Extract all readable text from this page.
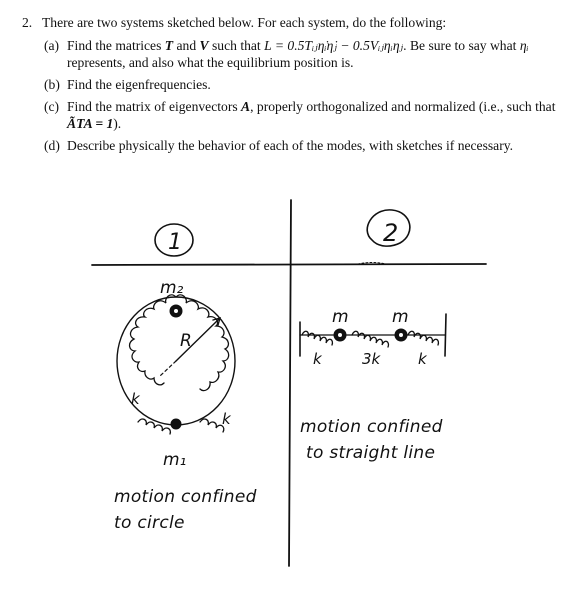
2. There are two systems sketched below. For each system, do the following:
(a) Find the matrices T and V such that L = 0.5Tᵢⱼη̇ᵢη̇ⱼ − 0.5Vᵢⱼηᵢηⱼ. Be sure to say what ηᵢ represents, and also what the equilibrium position is.
(b) Find the eigenfrequencies.
(c) Find the matrix of eigenvectors A, properly orthogonalized and normalized (i.e., such that ÃTA = 1).
(d) Describe physically the behavior of each of the modes, with sketches if necessary.
1	2
m₂
R
k
k
m₁
m	m
k	3k	k
motion confined
to circle
motion confined
to straight line
